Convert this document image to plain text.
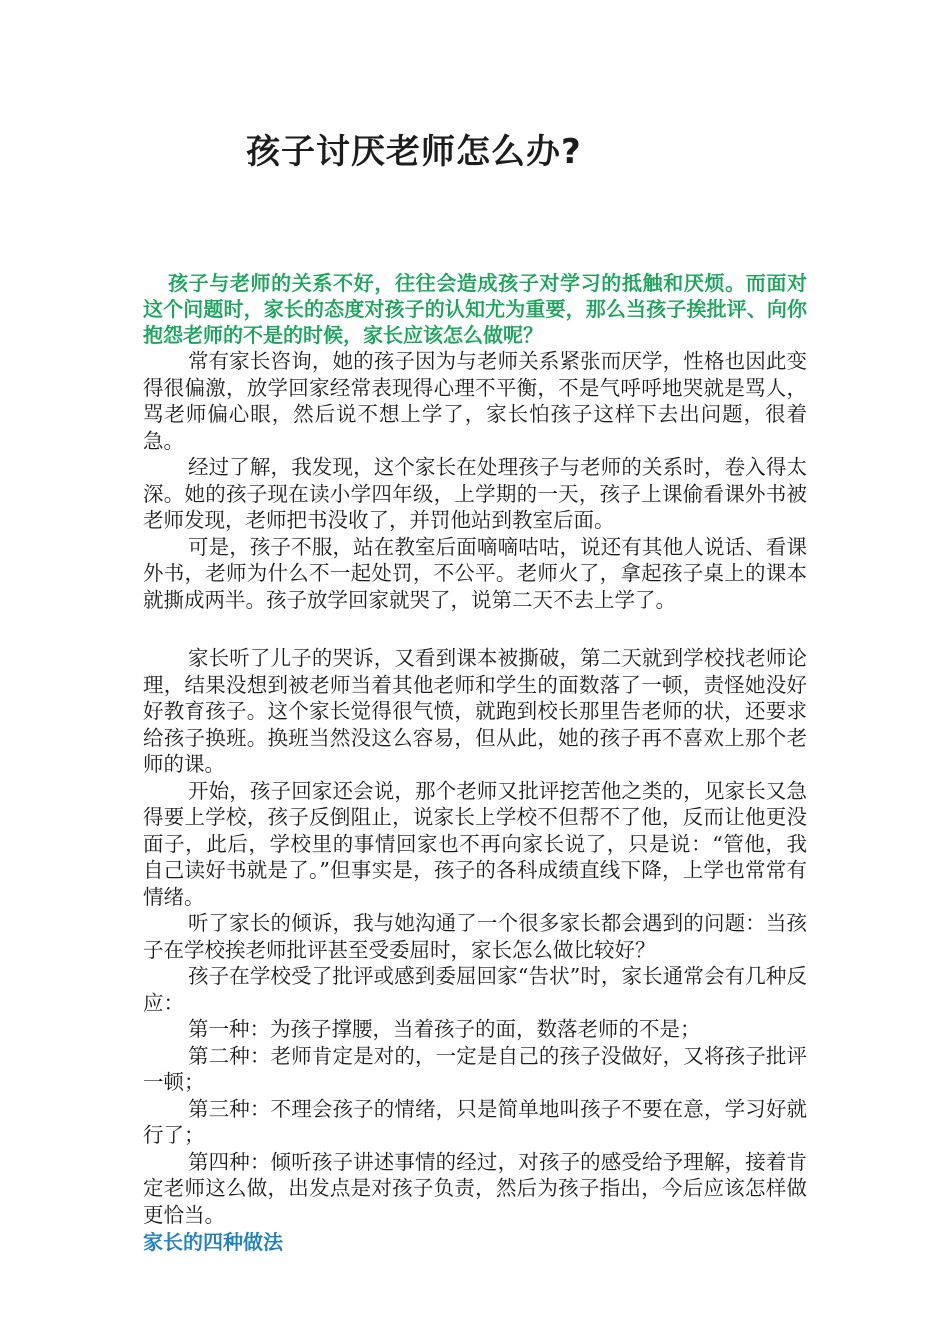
孩子讨厌老师怎么办?

孩子与老师的关系不好，往往会造成孩子对学习的抵触和厌烦。而面对这个问题时，家长的态度对孩子的认知尤为重要，那么当孩子挨批评、向你抱怨老师的不是的时候，家长应该怎么做呢？

常有家长咨询，她的孩子因为与老师关系紧张而厌学，性格也因此变得很偏激，放学回家经常表现得心理不平衡，不是气呼呼地哭就是骂人，骂老师偏心眼，然后说不想上学了，家长怕孩子这样下去出问题，很着急。

经过了解，我发现，这个家长在处理孩子与老师的关系时，卷入得太深。她的孩子现在读小学四年级，上学期的一天，孩子上课偷看课外书被老师发现，老师把书没收了，并罚他站到教室后面。

可是，孩子不服，站在教室后面嘀嘀咕咕，说还有其他人说话、看课外书，老师为什么不一起处罚，不公平。老师火了，拿起孩子桌上的课本就撕成两半。孩子放学回家就哭了，说第二天不去上学了。

家长听了儿子的哭诉，又看到课本被撕破，第二天就到学校找老师论理，结果没想到被老师当着其他老师和学生的面数落了一顿，责怪她没好好教育孩子。这个家长觉得很气愤，就跑到校长那里告老师的状，还要求给孩子换班。换班当然没这么容易，但从此，她的孩子再不喜欢上那个老师的课。

开始，孩子回家还会说，那个老师又批评挖苦他之类的，见家长又急得要上学校，孩子反倒阻止，说家长上学校不但帮不了他，反而让他更没面子，此后，学校里的事情回家也不再向家长说了，只是说：“管他，我自己读好书就是了。”但事实是，孩子的各科成绩直线下降，上学也常常有情绪。

听了家长的倾诉，我与她沟通了一个很多家长都会遇到的问题：当孩子在学校挨老师批评甚至受委屈时，家长怎么做比较好？

孩子在学校受了批评或感到委屈回家“告状”时，家长通常会有几种反应：

第一种：为孩子撑腰，当着孩子的面，数落老师的不是；

第二种：老师肯定是对的，一定是自己的孩子没做好，又将孩子批评一顿；

第三种：不理会孩子的情绪，只是简单地叫孩子不要在意，学习好就行了；

第四种：倾听孩子讲述事情的经过，对孩子的感受给予理解，接着肯定老师这么做，出发点是对孩子负责，然后为孩子指出，今后应该怎样做更恰当。

家长的四种做法
